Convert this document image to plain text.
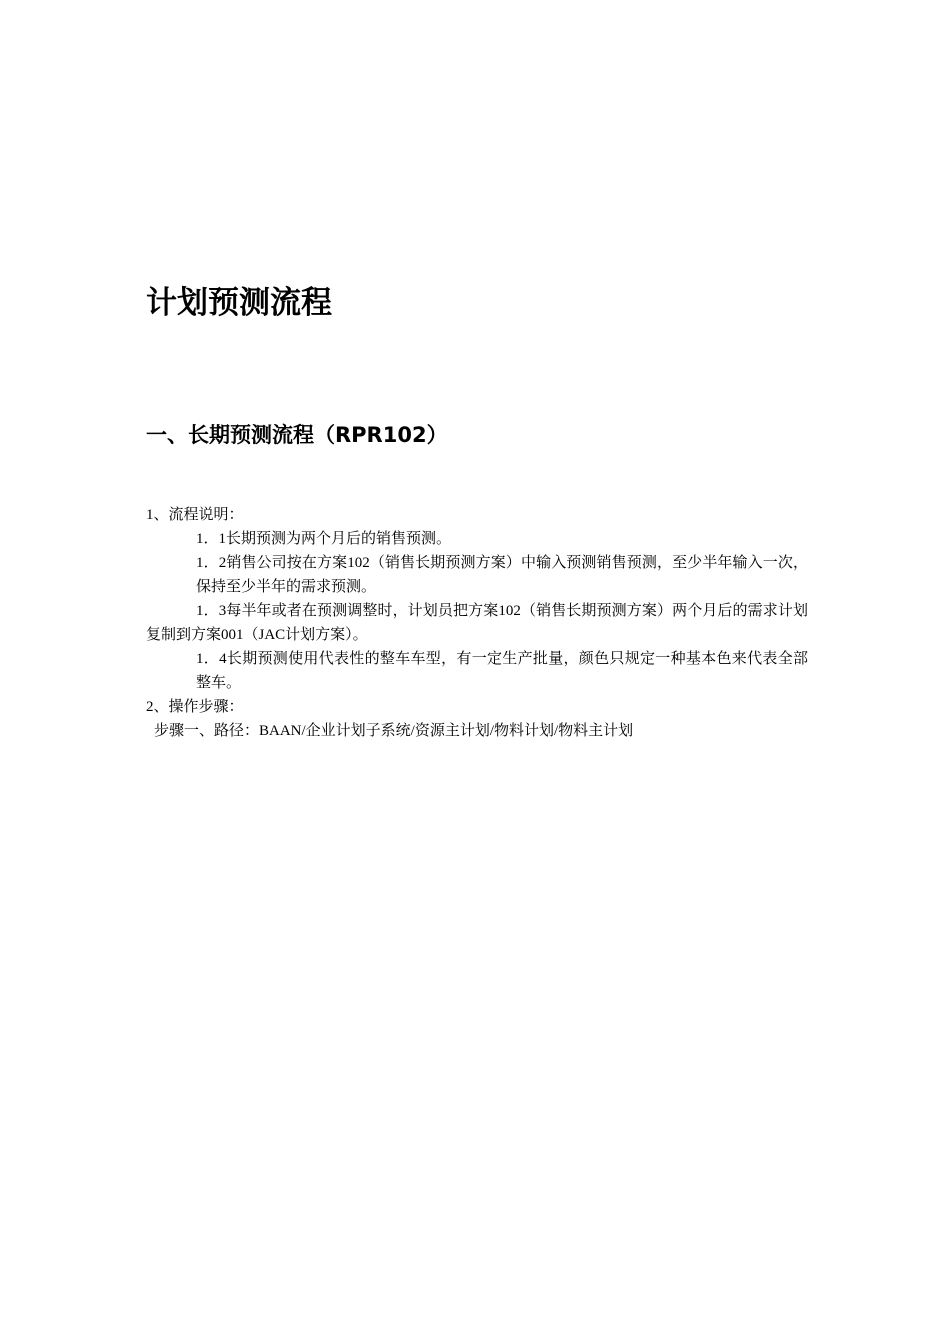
计划预测流程
一、长期预测流程（RPR102）

1、流程说明：

1．1长期预测为两个月后的销售预测。

1．2销售公司按在方案102（销售长期预测方案）中输入预测销售预测，至少半年输入一次，保持至少半年的需求预测。

1．3每半年或者在预测调整时，计划员把方案102（销售长期预测方案）两个月后的需求计划复制到方案001（JAC计划方案）。

1．4长期预测使用代表性的整车车型，有一定生产批量，颜色只规定一种基本色来代表全部整车。

2、操作步骤：

步骤一、路径：BAAN/企业计划子系统/资源主计划/物料计划/物料主计划
